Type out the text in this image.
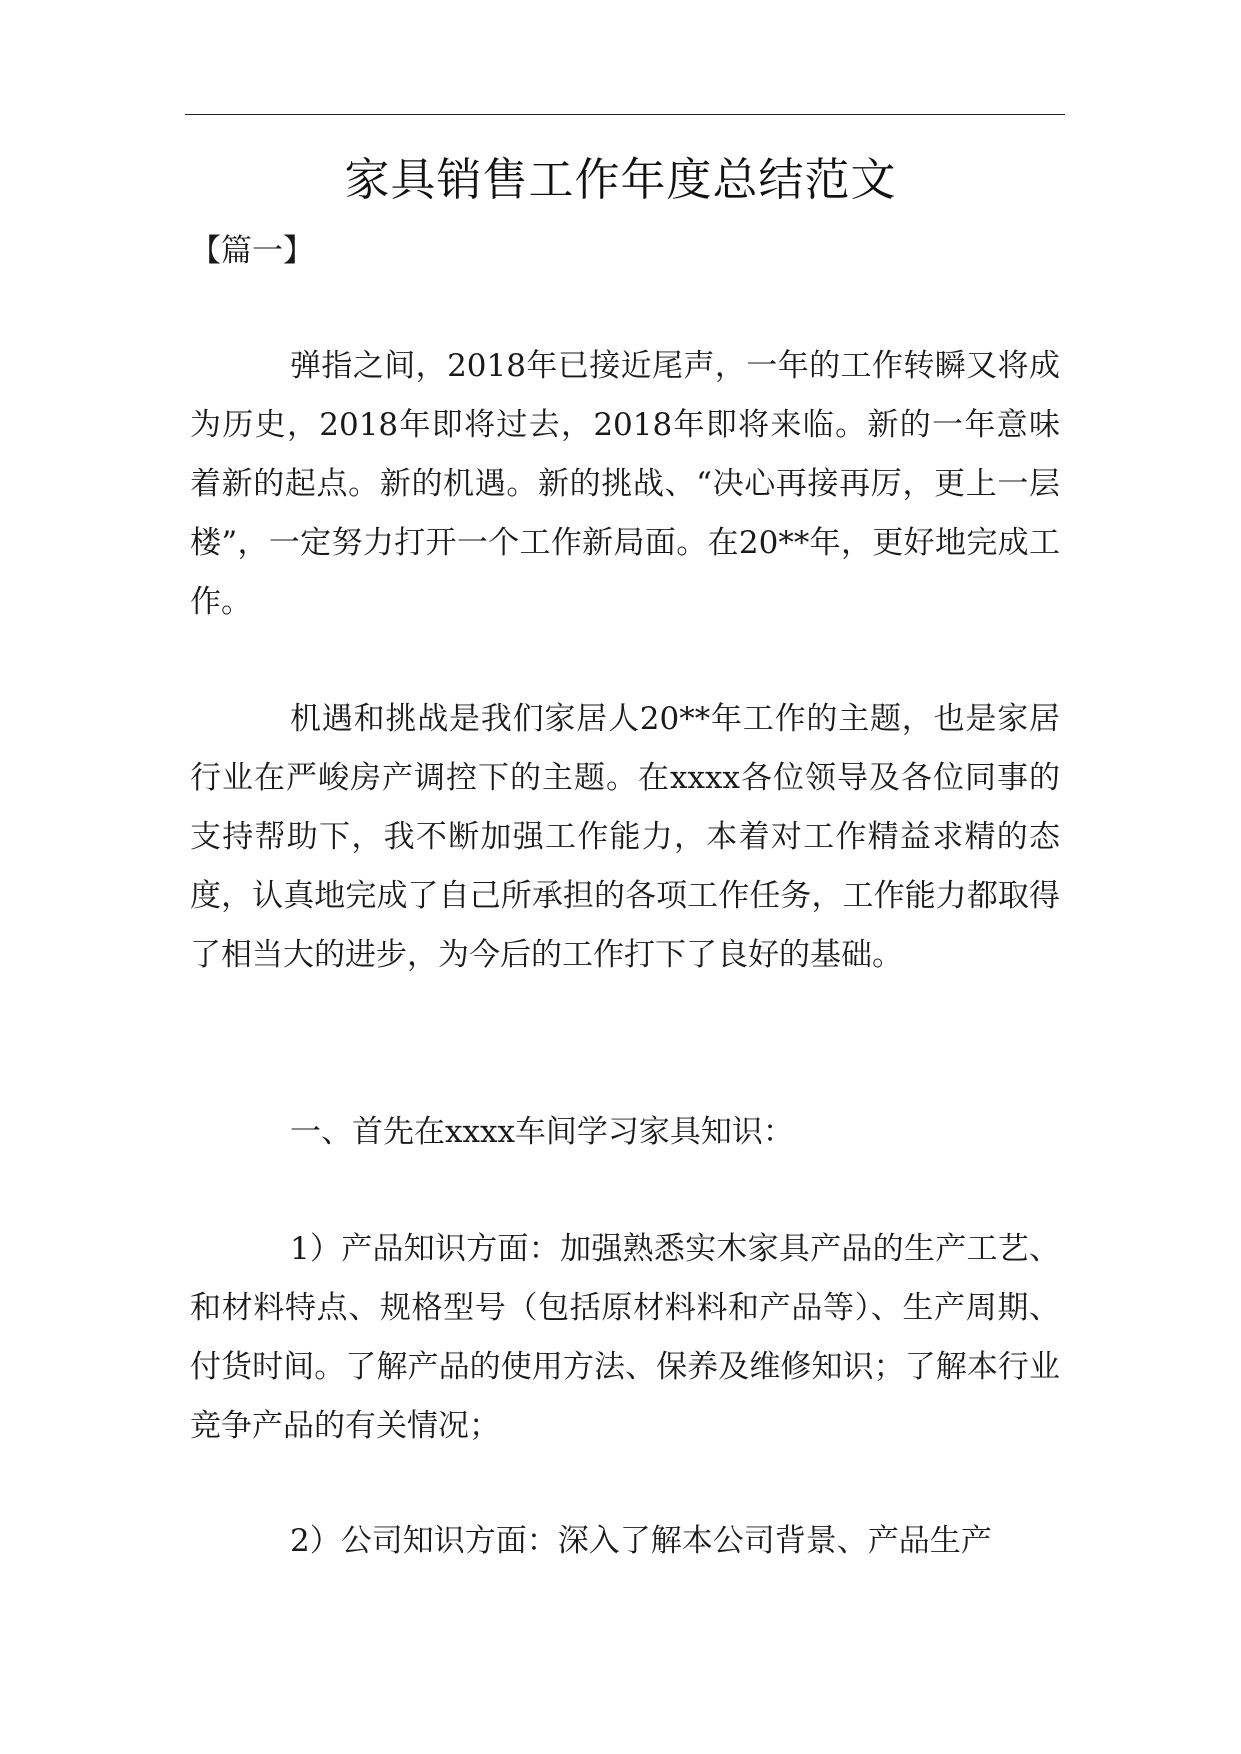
家具销售工作年度总结范文
【篇一】

弹指之间，2018年已接近尾声，一年的工作转瞬又将成为历史，2018年即将过去，2018年即将来临。新的一年意味着新的起点。新的机遇。新的挑战、“决心再接再厉，更上一层楼”，一定努力打开一个工作新局面。在20**年，更好地完成工作。

机遇和挑战是我们家居人20**年工作的主题，也是家居行业在严峻房产调控下的主题。在xxxx各位领导及各位同事的支持帮助下，我不断加强工作能力，本着对工作精益求精的态度，认真地完成了自己所承担的各项工作任务，工作能力都取得了相当大的进步，为今后的工作打下了良好的基础。

一、首先在xxxx车间学习家具知识：

1）产品知识方面：加强熟悉实木家具产品的生产工艺、和材料特点、规格型号（包括原材料料和产品等）、生产周期、付货时间。了解产品的使用方法、保养及维修知识；了解本行业竞争产品的有关情况；

2）公司知识方面：深入了解本公司背景、产品生产
